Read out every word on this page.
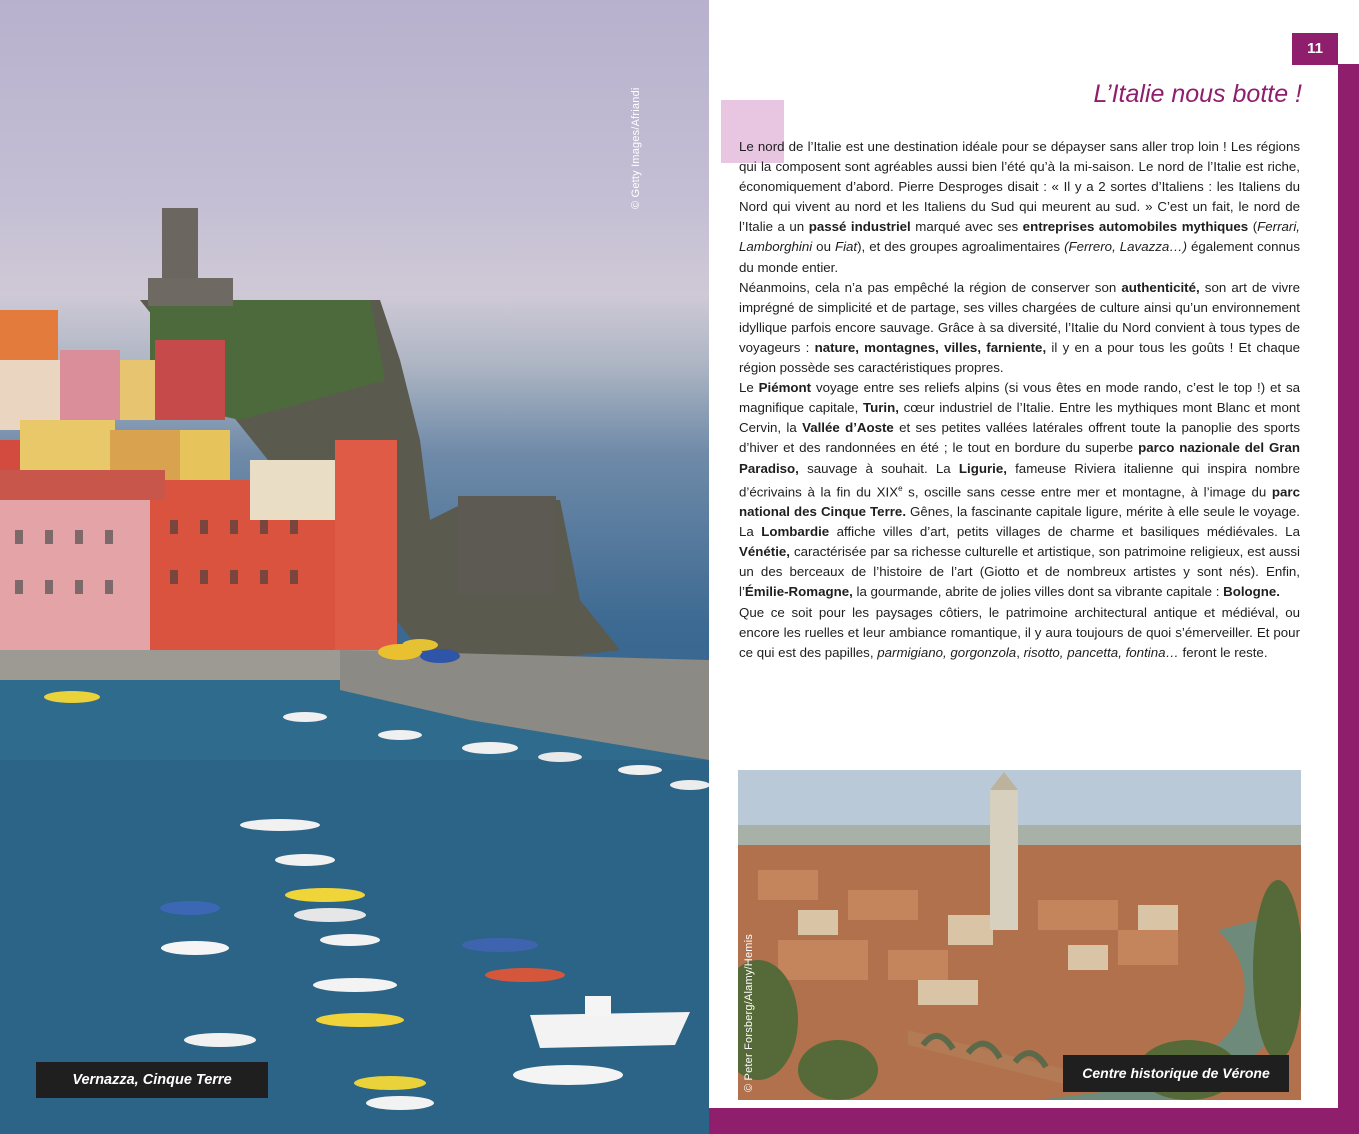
© Getty Images/Afriandi
Vernazza, Cinque Terre
11
L’Italie nous botte !

Le nord de l’Italie est une destination idéale pour se dépayser sans aller trop loin ! Les régions qui la composent sont agréables aussi bien l’été qu’à la mi-saison. Le nord de l’Italie est riche, économiquement d’abord. Pierre Desproges disait : « Il y a 2 sortes d’Italiens : les Italiens du Nord qui vivent au nord et les Italiens du Sud qui meurent au sud. » C’est un fait, le nord de l’Italie a un passé industriel marqué avec ses entreprises automobiles mythiques (Ferrari, Lamborghini ou Fiat), et des groupes agroalimentaires (Ferrero, Lavazza…) également connus du monde entier.

Néanmoins, cela n’a pas empêché la région de conserver son authenticité, son art de vivre imprégné de simplicité et de partage, ses villes chargées de culture ainsi qu’un environnement idyllique parfois encore sauvage. Grâce à sa diversité, l’Italie du Nord convient à tous types de voyageurs : nature, montagnes, villes, farniente, il y en a pour tous les goûts ! Et chaque région possède ses caractéristiques propres.

Le Piémont voyage entre ses reliefs alpins (si vous êtes en mode rando, c’est le top !) et sa magnifique capitale, Turin, cœur industriel de l’Italie. Entre les mythiques mont Blanc et mont Cervin, la Vallée d’Aoste et ses petites vallées latérales offrent toute la panoplie des sports d’hiver et des randonnées en été ; le tout en bordure du superbe parco nazionale del Gran Paradiso, sauvage à souhait. La Ligurie, fameuse Riviera italienne qui inspira nombre d’écrivains à la fin du XIXe s, oscille sans cesse entre mer et montagne, à l’image du parc national des Cinque Terre. Gênes, la fascinante capitale ligure, mérite à elle seule le voyage. La Lombardie affiche villes d’art, petits villages de charme et basiliques médiévales. La Vénétie, caractérisée par sa richesse culturelle et artistique, son patrimoine religieux, est aussi un des berceaux de l’histoire de l’art (Giotto et de nombreux artistes y sont nés). Enfin, l’Émilie-Romagne, la gourmande, abrite de jolies villes dont sa vibrante capitale : Bologne.

Que ce soit pour les paysages côtiers, le patrimoine architectural antique et médiéval, ou encore les ruelles et leur ambiance romantique, il y aura toujours de quoi s’émerveiller. Et pour ce qui est des papilles, parmigiano, gorgonzola, risotto, pancetta, fontina… feront le reste.

© Peter Forsberg/Alamy/Hemis	Centre historique de Vérone
